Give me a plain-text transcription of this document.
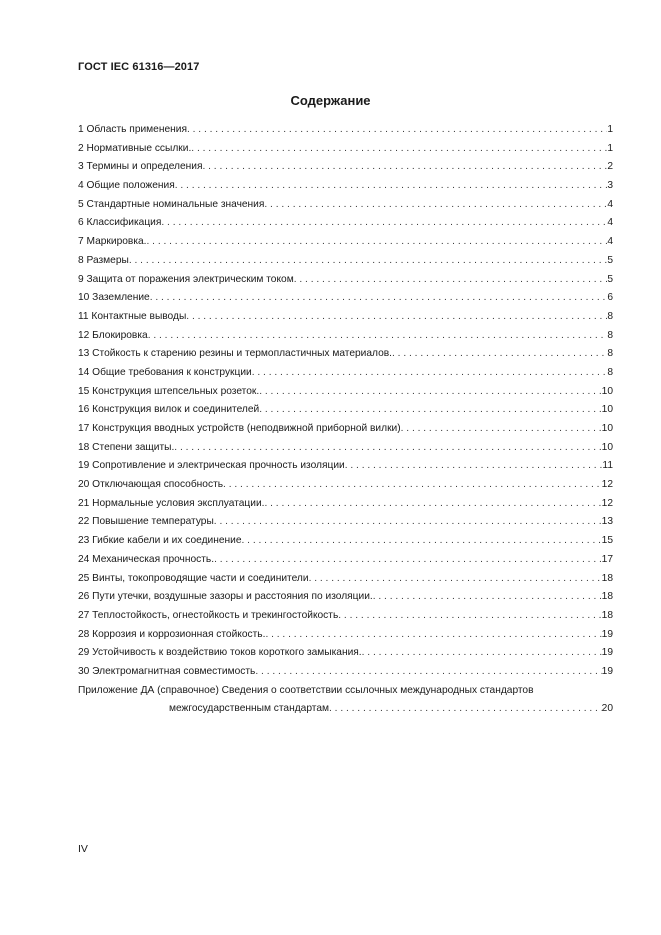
ГОСТ IEC 61316—2017
Содержание
1 Область применения . . .	1
2 Нормативные ссылки. . . .	1
3 Термины и определения . . .	2
4 Общие положения . . .	3
5 Стандартные номинальные значения . . .	4
6 Классификация . . .	4
7 Маркировка. . . .	4
8 Размеры . . .	5
9 Защита от поражения электрическим током . . .	5
10 Заземление . . .	6
11 Контактные выводы . . .	8
12 Блокировка . . .	8
13 Стойкость к старению резины и термопластичных материалов. . . .	8
14 Общие требования к конструкции . . .	8
15 Конструкция штепсельных розеток. . . .	10
16 Конструкция вилок и соединителей . . .	10
17 Конструкция вводных устройств (неподвижной приборной вилки) . . .	10
18 Степени защиты. . . .	10
19 Сопротивление и электрическая прочность изоляции . . .	11
20 Отключающая способность . . .	12
21 Нормальные условия эксплуатации. . . .	12
22 Повышение температуры . . .	13
23 Гибкие кабели и их соединение . . .	15
24 Механическая прочность. . . .	17
25 Винты, токопроводящие части и соединители . . .	18
26 Пути утечки, воздушные зазоры и расстояния по изоляции. . . .	18
27 Теплостойкость, огнестойкость и трекингостойкость . . .	18
28 Коррозия и коррозионная стойкость. . . .	19
29 Устойчивость к воздействию токов короткого замыкания. . . .	19
30 Электромагнитная совместимость . . .	19
Приложение ДА (справочное) Сведения о соответствии ссылочных международных стандартов
межгосударственным стандартам . . .	20
IV
